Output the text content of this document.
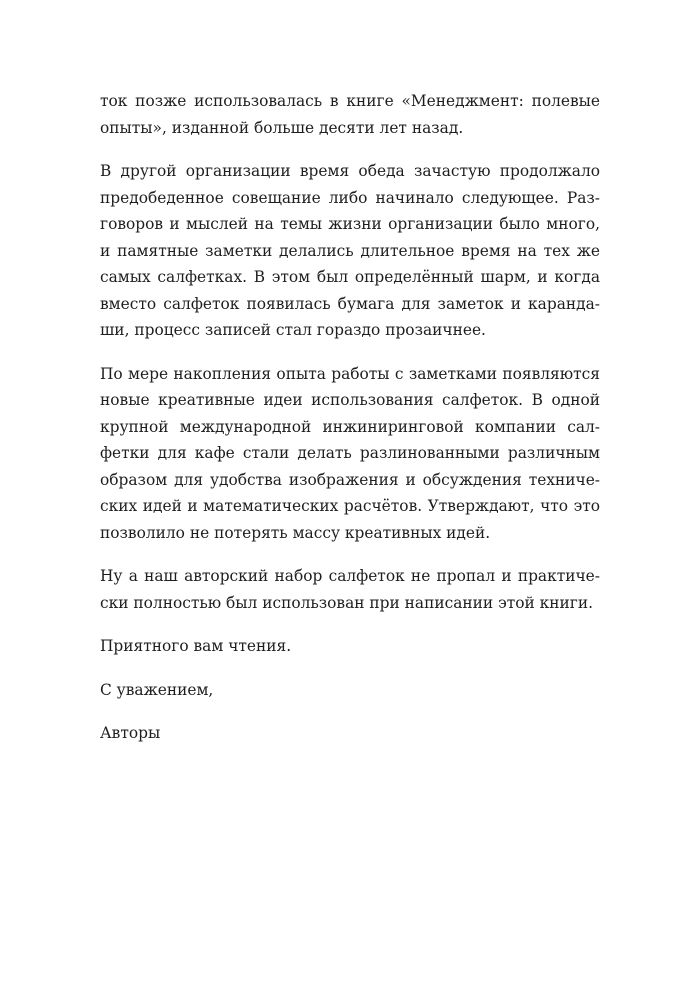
ток позже использовалась в книге «Менеджмент: полевые
опыты», изданной больше десяти лет назад.
В другой организации время обеда зачастую продолжало
предобеденное совещание либо начинало следующее. Раз-
говоров и мыслей на темы жизни организации было много,
и памятные заметки делались длительное время на тех же
самых салфетках. В этом был определённый шарм, и когда
вместо салфеток появилась бумага для заметок и каранда-
ши, процесс записей стал гораздо прозаичнее.
По мере накопления опыта работы с заметками появляются
новые креативные идеи использования салфеток. В одной
крупной международной инжиниринговой компании сал-
фетки для кафе стали делать разлинованными различным
образом для удобства изображения и обсуждения техниче-
ских идей и математических расчётов. Утверждают, что это
позволило не потерять массу креативных идей.
Ну а наш авторский набор салфеток не пропал и практиче-
ски полностью был использован при написании этой книги.
Приятного вам чтения.
С уважением,
Авторы
